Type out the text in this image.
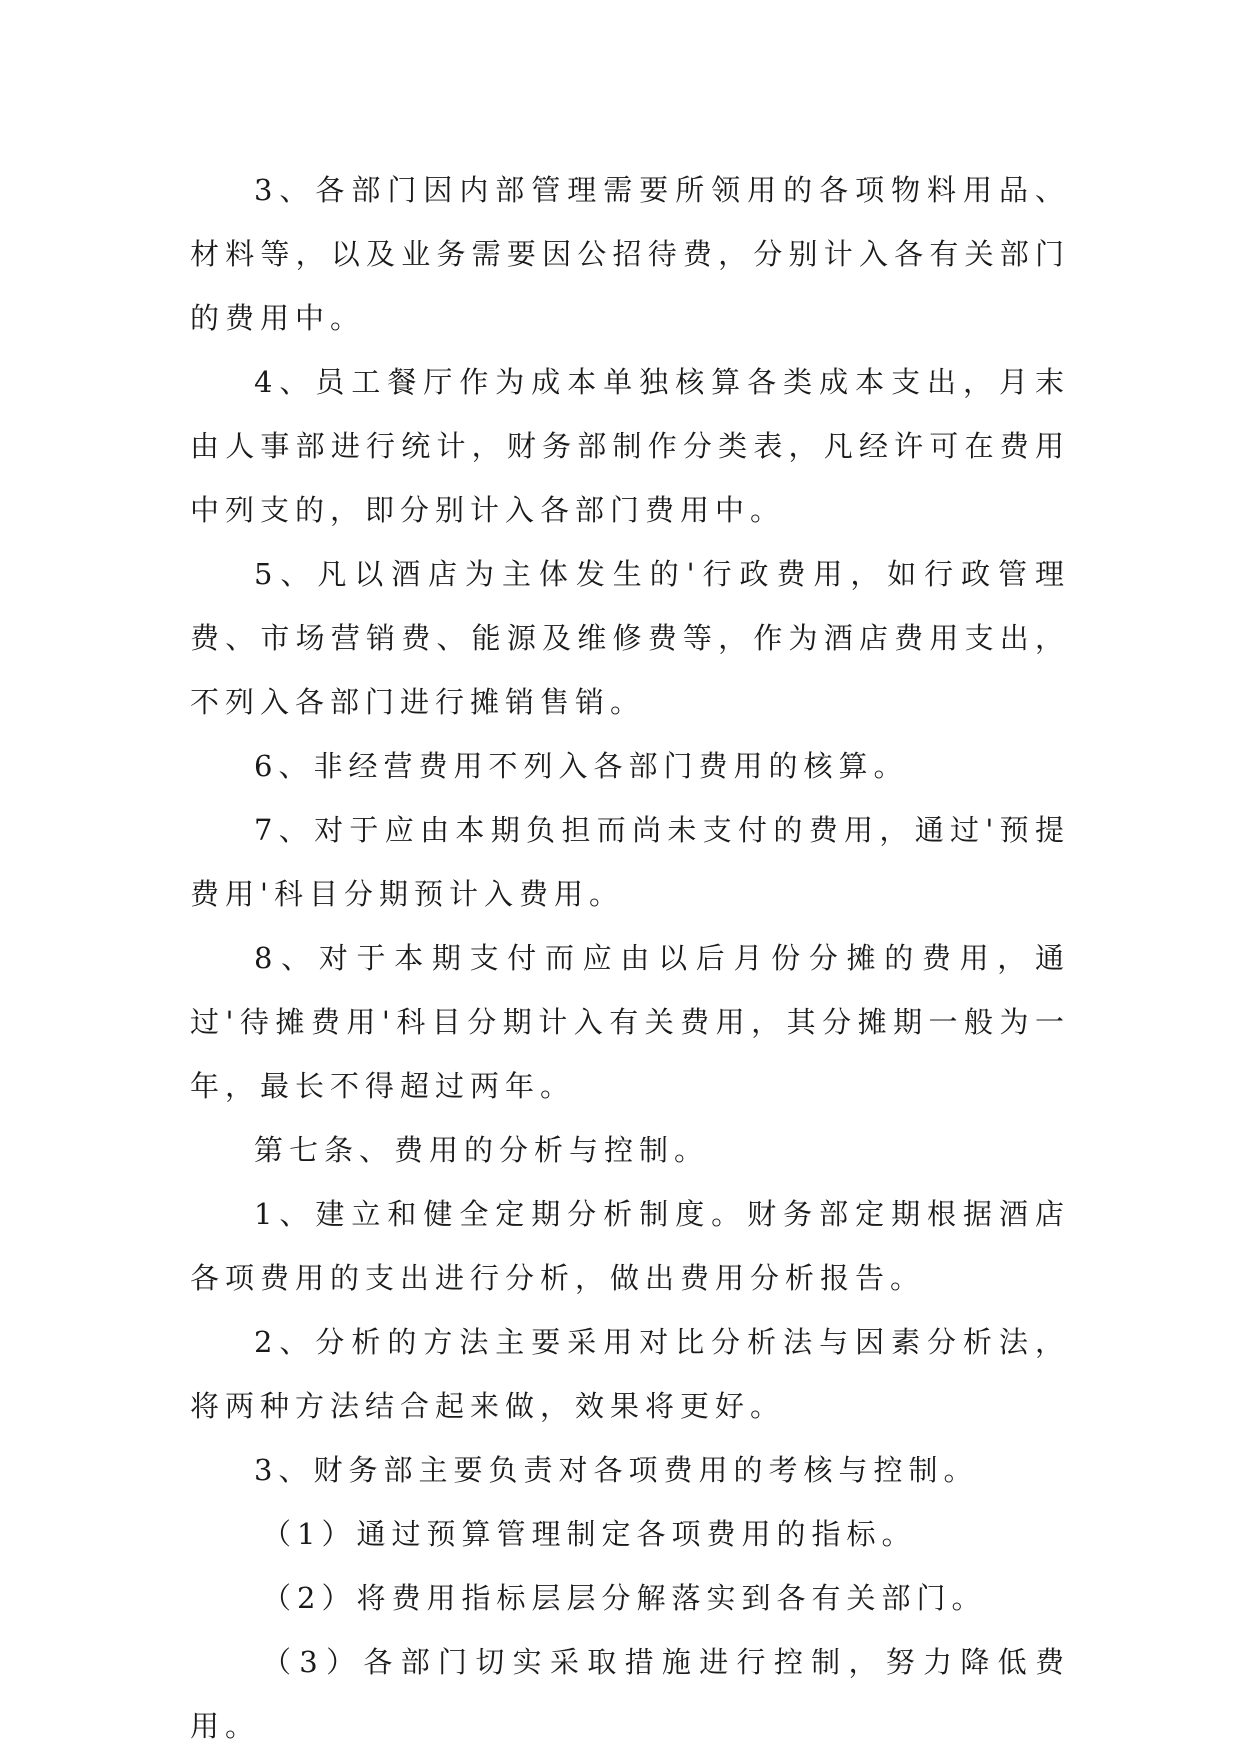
3、各部门因内部管理需要所领用的各项物料用品、材料等，以及业务需要因公招待费，分别计入各有关部门的费用中。

4、员工餐厅作为成本单独核算各类成本支出，月末由人事部进行统计，财务部制作分类表，凡经许可在费用中列支的，即分别计入各部门费用中。

5、凡以酒店为主体发生的'行政费用，如行政管理费、市场营销费、能源及维修费等，作为酒店费用支出，不列入各部门进行摊销售销。

6、非经营费用不列入各部门费用的核算。

7、对于应由本期负担而尚未支付的费用，通过'预提费用'科目分期预计入费用。

8、对于本期支付而应由以后月份分摊的费用，通过'待摊费用'科目分期计入有关费用，其分摊期一般为一年，最长不得超过两年。

第七条、费用的分析与控制。

1、建立和健全定期分析制度。财务部定期根据酒店各项费用的支出进行分析，做出费用分析报告。

2、分析的方法主要采用对比分析法与因素分析法，将两种方法结合起来做，效果将更好。

3、财务部主要负责对各项费用的考核与控制。

（1）通过预算管理制定各项费用的指标。

（2）将费用指标层层分解落实到各有关部门。

（3）各部门切实采取措施进行控制，努力降低费用。
